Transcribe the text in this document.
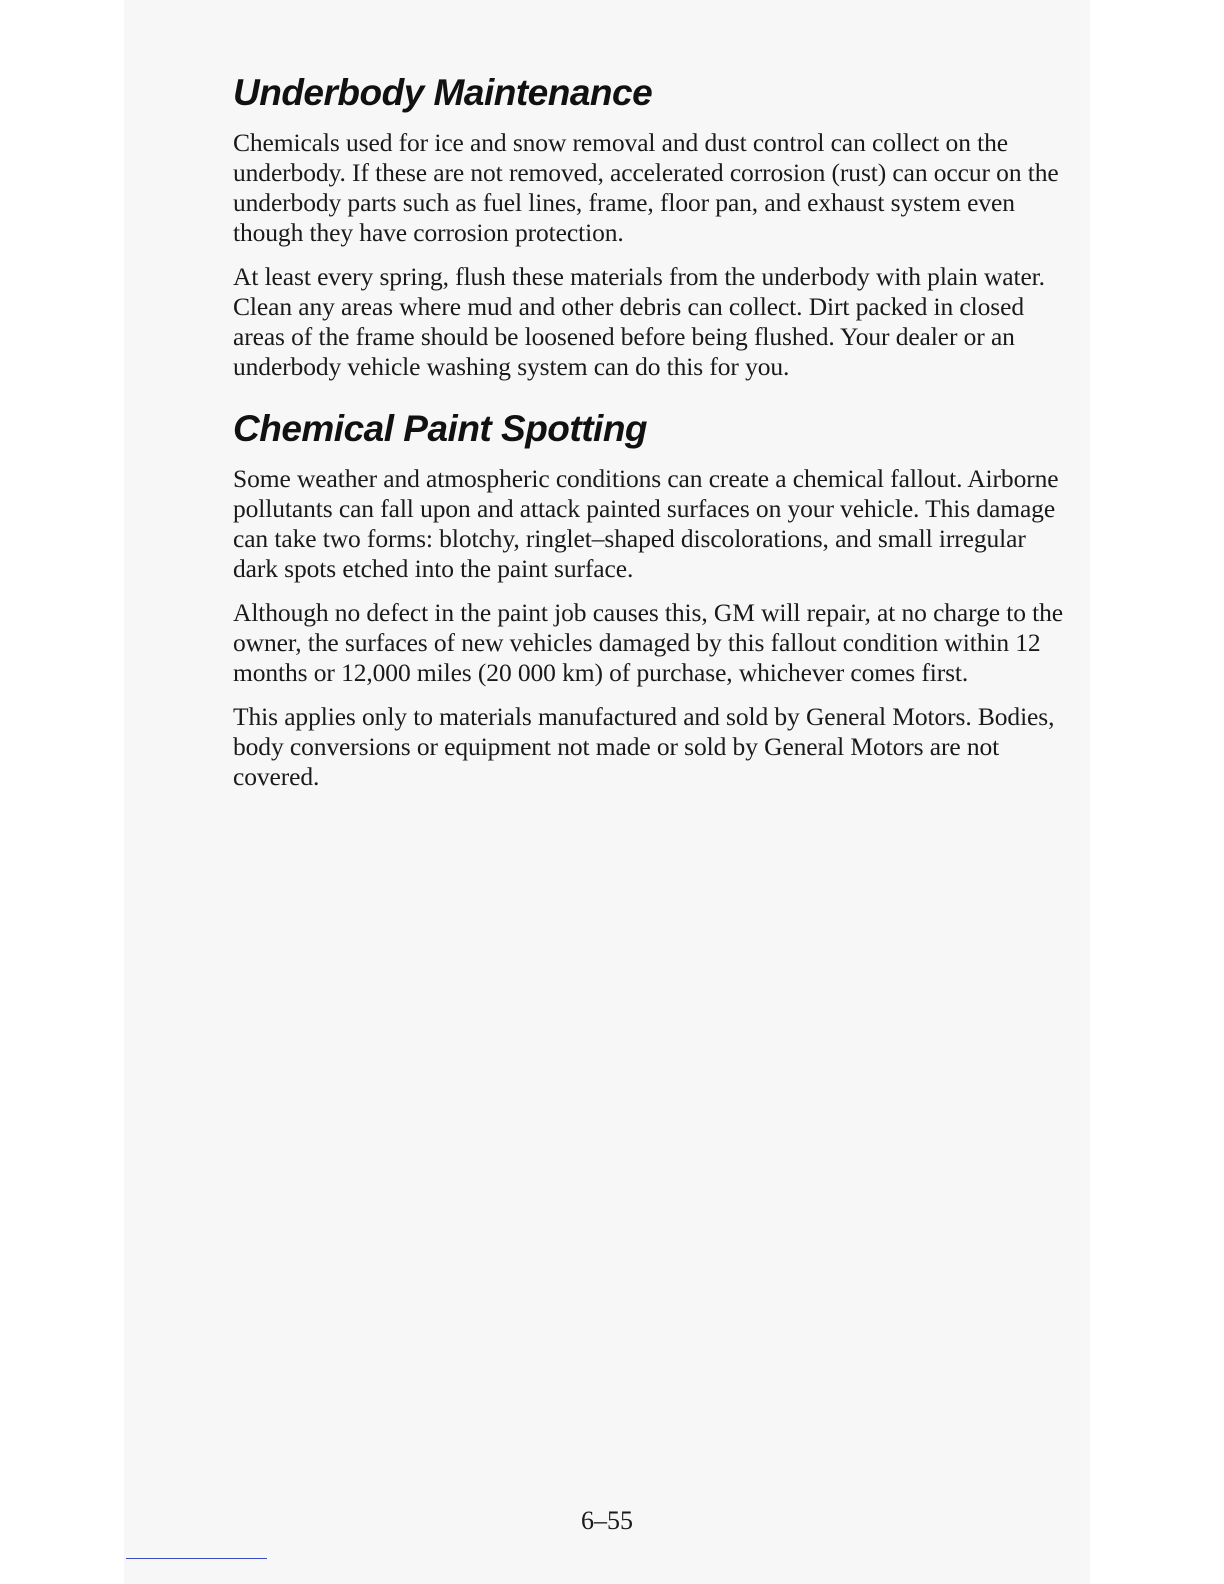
Underbody Maintenance

Chemicals used for ice and snow removal and dust control can collect on the underbody. If these are not removed, accelerated corrosion (rust) can occur on the underbody parts such as fuel lines, frame, floor pan, and exhaust system even though they have corrosion protection.

At least every spring, flush these materials from the underbody with plain water. Clean any areas where mud and other debris can collect. Dirt packed in closed areas of the frame should be loosened before being flushed. Your dealer or an underbody vehicle washing system can do this for you.

Chemical Paint Spotting

Some weather and atmospheric conditions can create a chemical fallout. Airborne pollutants can fall upon and attack painted surfaces on your vehicle. This damage can take two forms: blotchy, ringlet–shaped discolorations, and small irregular dark spots etched into the paint surface.

Although no defect in the paint job causes this, GM will repair, at no charge to the owner, the surfaces of new vehicles damaged by this fallout condition within 12 months or 12,000 miles (20 000 km) of purchase, whichever comes first.

This applies only to materials manufactured and sold by General Motors. Bodies, body conversions or equipment not made or sold by General Motors are not covered.

6–55
